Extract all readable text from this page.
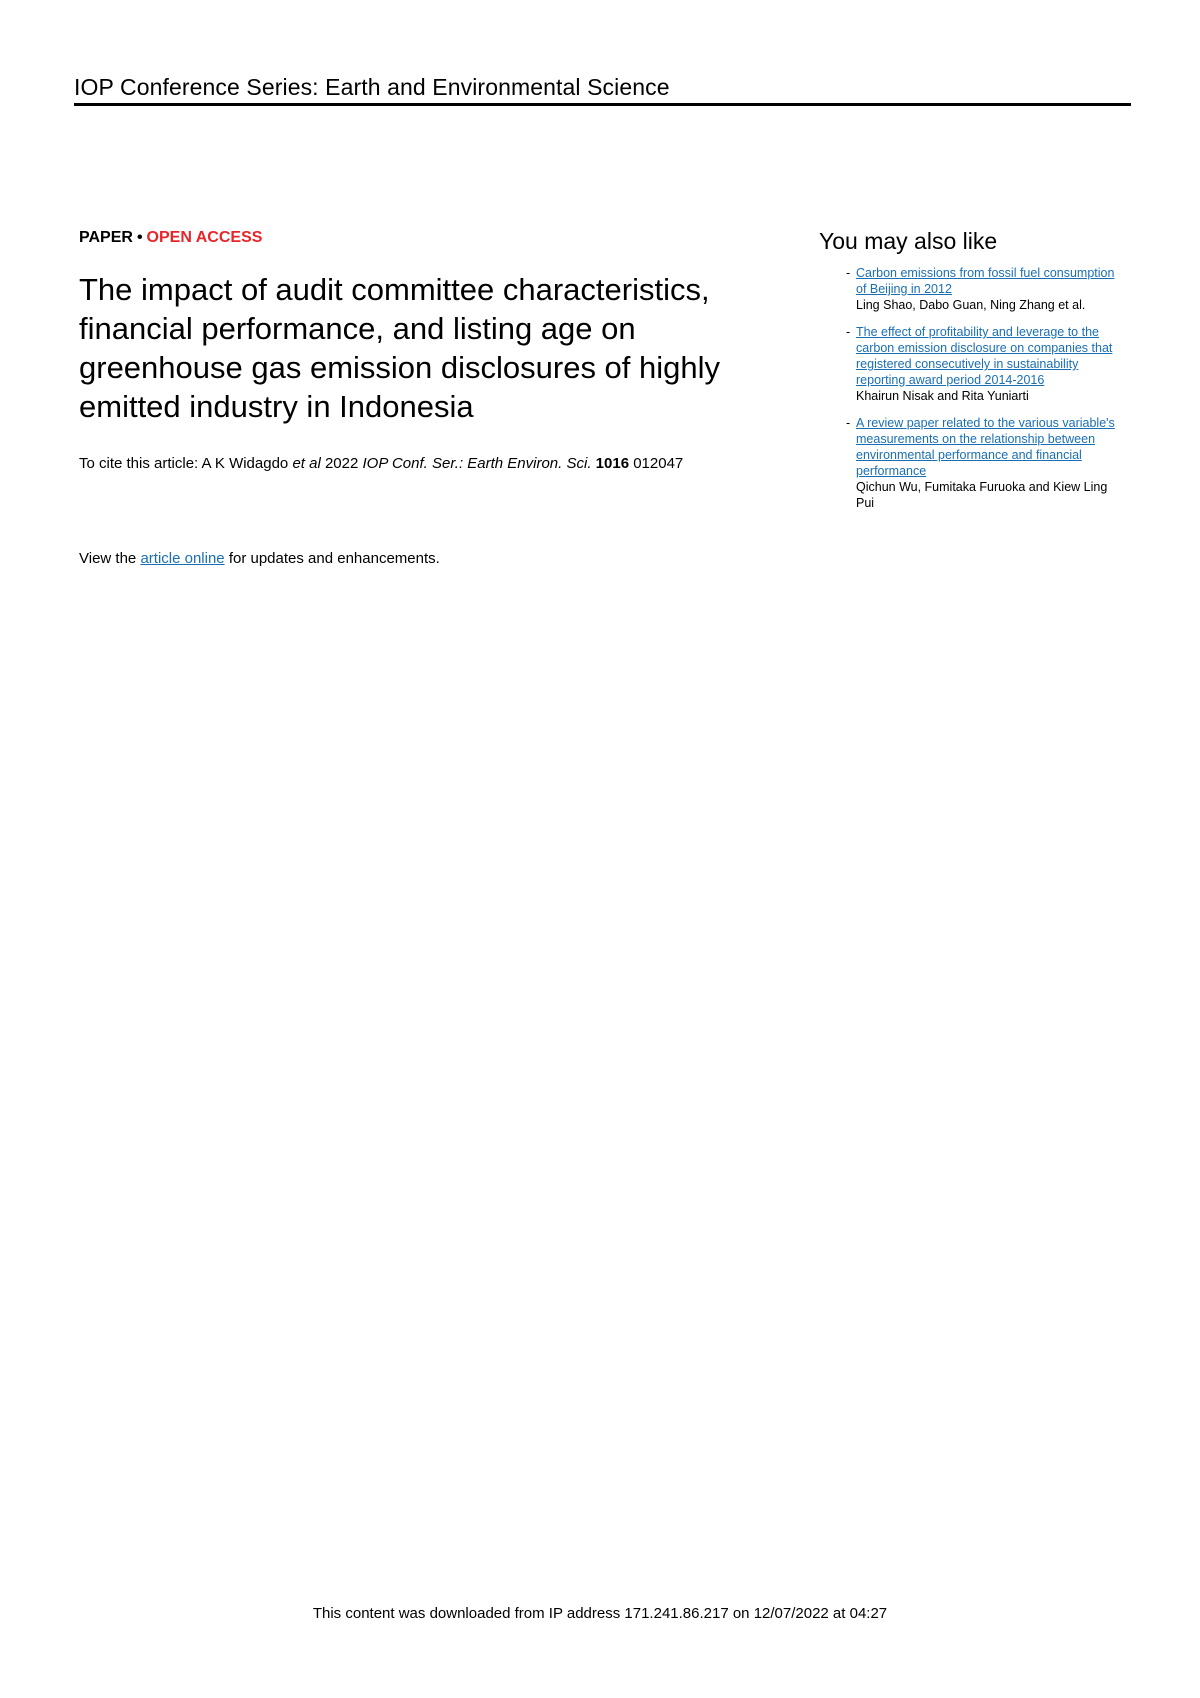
IOP Conference Series: Earth and Environmental Science
PAPER • OPEN ACCESS
The impact of audit committee characteristics, financial performance, and listing age on greenhouse gas emission disclosures of highly emitted industry in Indonesia
To cite this article: A K Widagdo et al 2022 IOP Conf. Ser.: Earth Environ. Sci. 1016 012047
View the article online for updates and enhancements.
You may also like
- Carbon emissions from fossil fuel consumption of Beijing in 2012
Ling Shao, Dabo Guan, Ning Zhang et al.
- The effect of profitability and leverage to the carbon emission disclosure on companies that registered consecutively in sustainability reporting award period 2014-2016
Khairun Nisak and Rita Yuniarti
- A review paper related to the various variable's measurements on the relationship between environmental performance and financial performance
Qichun Wu, Fumitaka Furuoka and Kiew Ling Pui
This content was downloaded from IP address 171.241.86.217 on 12/07/2022 at 04:27
